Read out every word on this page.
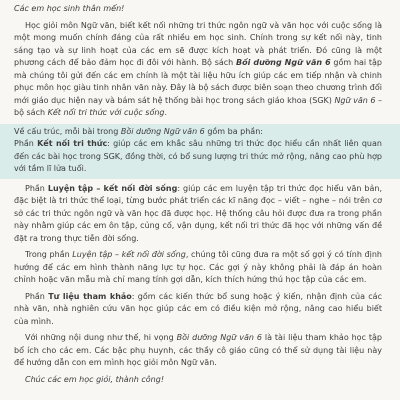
Các em học sinh thân mến!

Học giỏi môn Ngữ văn, biết kết nối những tri thức ngôn ngữ và văn học với cuộc sống là một mong muốn chính đáng của rất nhiều em học sinh. Chính trong sự kết nối này, tinh sáng tạo và sự linh hoạt của các em sẽ được kích hoạt và phát triển. Đó cũng là một phương cách để bảo đảm học đi đôi với hành. Bộ sách Bồi dưỡng Ngữ văn 6 gồm hai tập mà chúng tôi gửi đến các em chính là một tài liệu hữu ích giúp các em tiếp nhận và chinh phục môn học giàu tinh nhân văn này. Đây là bộ sách được biên soạn theo chương trình đổi mới giáo dục hiện nay và bám sát hệ thống bài học trong sách giáo khoa (SGK) Ngữ văn 6 – bộ sách Kết nối tri thức với cuộc sống.

Về cấu trúc, mỗi bài trong Bồi dưỡng Ngữ văn 6 gồm ba phần:

Phần Kết nối tri thức: giúp các em khắc sâu những tri thức đọc hiểu cần nhất liên quan đến các bài học trong SGK, đồng thời, có bổ sung lượng tri thức mở rộng, nâng cao phù hợp với tầm lĩ lửa tuổi.

Phần Luyện tập – kết nối đời sống: giúp các em luyện tập tri thức đọc hiểu văn bản, đặc biệt là tri thức thể loại, từng bước phát triển các kĩ năng đọc – viết – nghe – nói trên cơ sở các tri thức ngôn ngữ và văn học đã được học. Hệ thống câu hỏi được đưa ra trong phần này nhằm giúp các em ôn tập, củng cố, vận dụng, kết nối tri thức đã học với những vấn đề đặt ra trong thực tiễn đời sống.

Trong phần Luyện tập – kết nối đời sống, chúng tôi cũng đưa ra một số gợi ý có tính định hướng để các em hình thành năng lực tự học. Các gợi ý này không phải là đáp án hoàn chỉnh hoặc văn mẫu mà chỉ mang tính gợi dẫn, kích thích hứng thú học tập của các em.

Phần Tư liệu tham khảo: gồm các kiến thức bổ sung hoặc ý kiến, nhận định của các nhà văn, nhà nghiên cứu văn học giúp các em có điều kiện mở rộng, nâng cao hiểu biết của mình.

Với những nội dung như thế, hi vọng Bồi dưỡng Ngữ văn 6 là tài liệu tham khảo học tập bổ ích cho các em. Các bậc phụ huynh, các thầy cô giáo cũng có thể sử dụng tài liệu này để hướng dẫn con em mình học giỏi môn Ngữ văn.

Chúc các em học giỏi, thành công!
